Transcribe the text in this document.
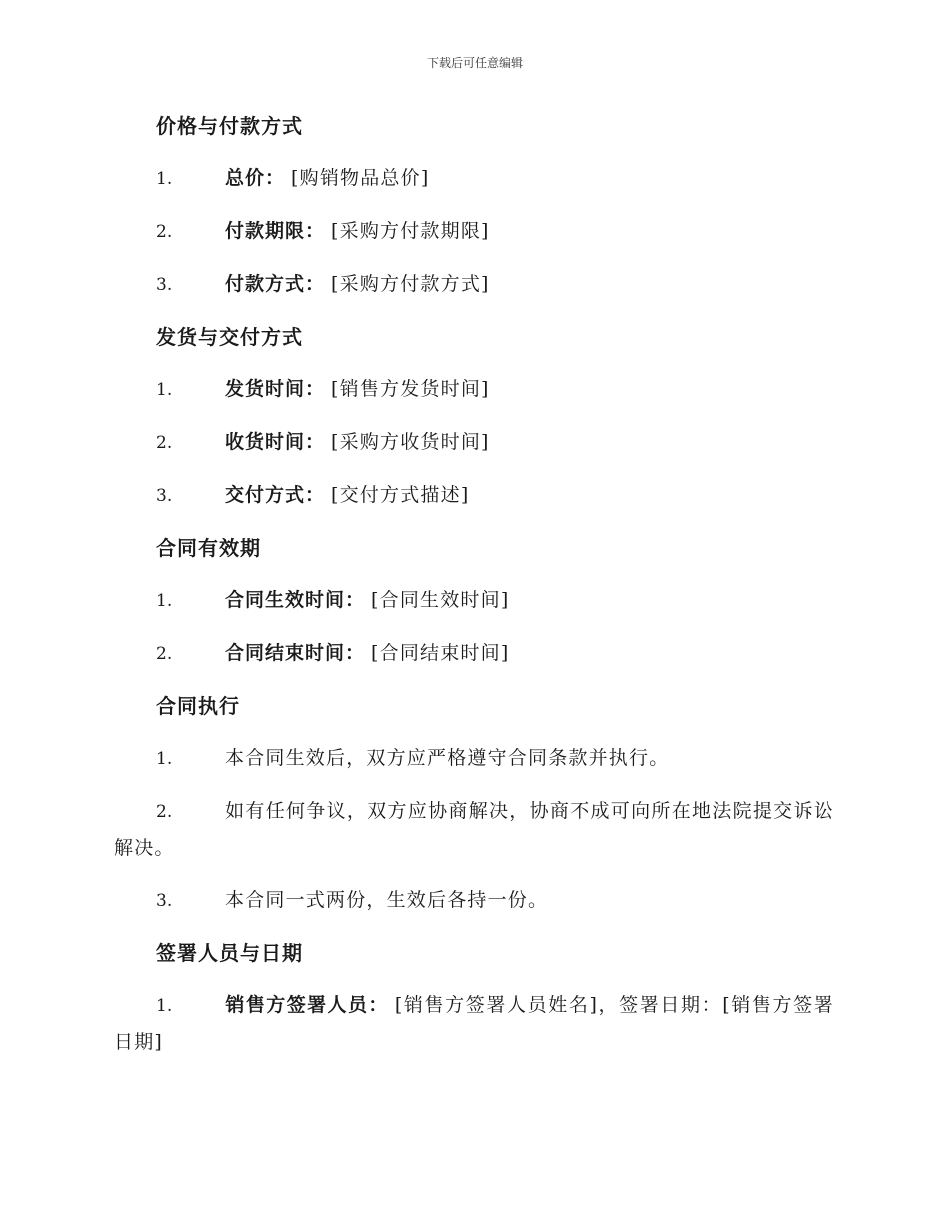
下载后可任意编辑
价格与付款方式
1.	总价： [购销物品总价]
2.	付款期限： [采购方付款期限]
3.	付款方式： [采购方付款方式]
发货与交付方式
1.	发货时间： [销售方发货时间]
2.	收货时间： [采购方收货时间]
3.	交付方式： [交付方式描述]
合同有效期
1.	合同生效时间： [合同生效时间]
2.	合同结束时间： [合同结束时间]
合同执行
1.	本合同生效后，双方应严格遵守合同条款并执行。
2.	如有任何争议，双方应协商解决，协商不成可向所在地法院提交诉讼解决。
3.	本合同一式两份，生效后各持一份。
签署人员与日期
1.	销售方签署人员： [销售方签署人员姓名]，签署日期：[销售方签署日期]
